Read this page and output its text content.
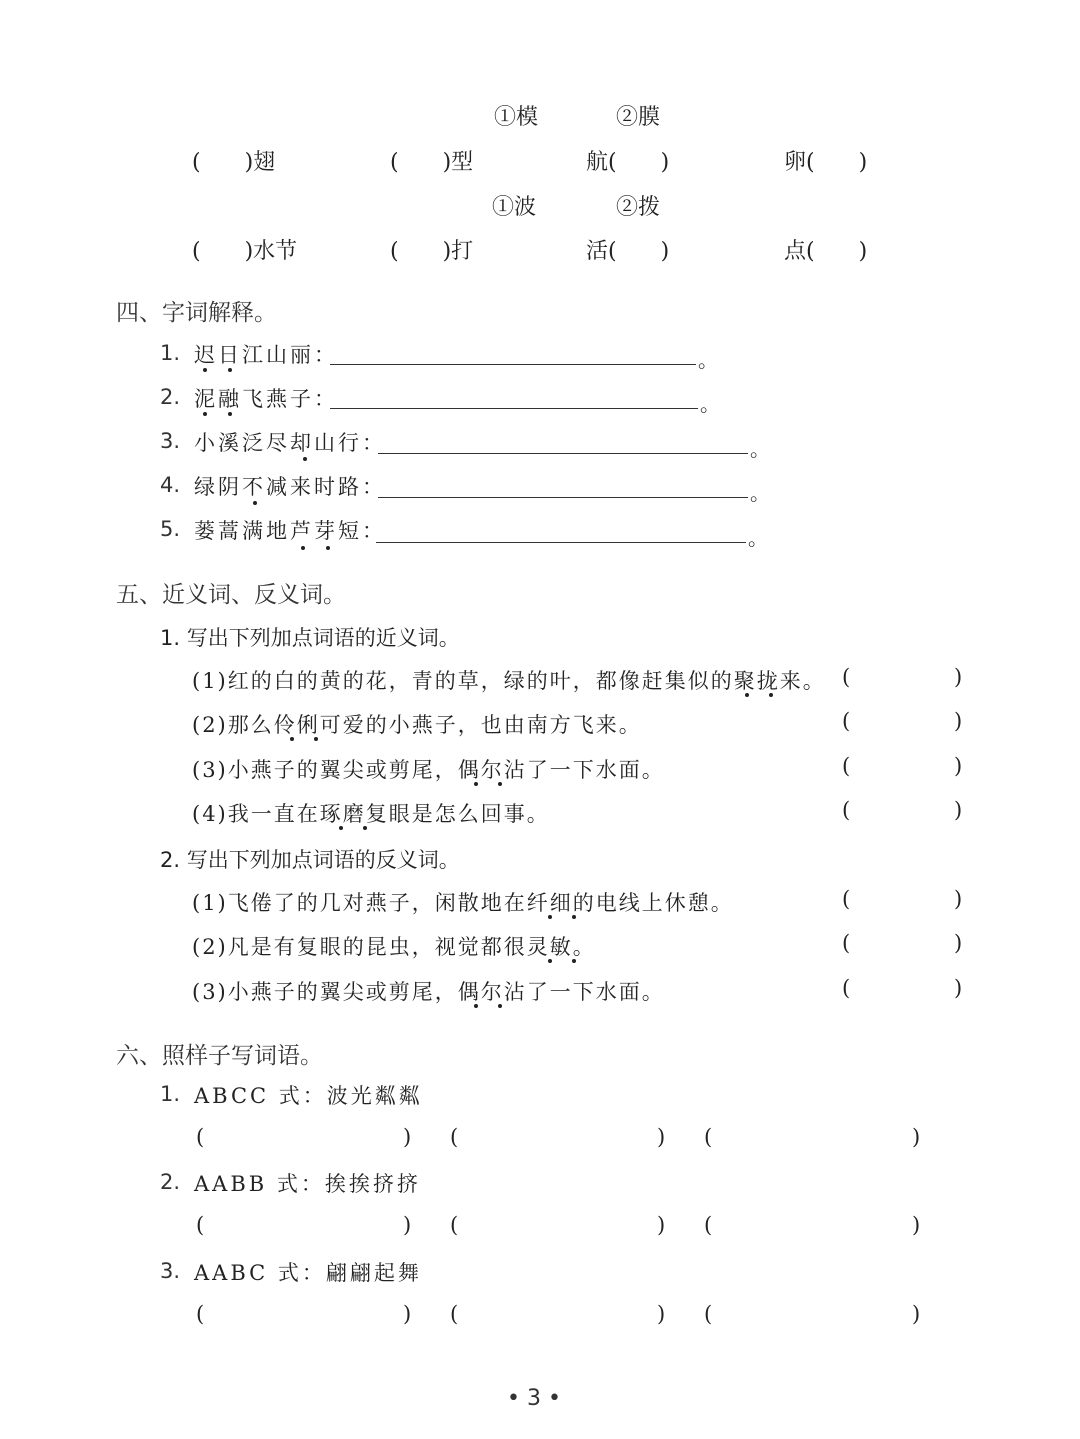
①模	②膜
(　　)翅	(　　)型	航(　　)	卵(　　)
①波	②拨
(　　)水节	(　　)打	活(　　)	点(　　)
四、字词解释。
1. 迟日江山丽：	。
2. 泥融飞燕子：	。
3. 小溪泛尽却山行：	。
4. 绿阴不减来时路：	。
5. 蒌蒿满地芦芽短：	。
五、近义词、反义词。
1. 写出下列加点词语的近义词。
(1)红的白的黄的花，青的草，绿的叶，都像赶集似的聚拢来。 (	)
(2)那么伶俐可爱的小燕子，也由南方飞来。	(	)
(3)小燕子的翼尖或剪尾，偶尔沾了一下水面。	(	)
(4)我一直在琢磨复眼是怎么回事。	(	)
2. 写出下列加点词语的反义词。
(1)飞倦了的几对燕子，闲散地在纤细的电线上休憩。	(	)
(2)凡是有复眼的昆虫，视觉都很灵敏。	(	)
(3)小燕子的翼尖或剪尾，偶尔沾了一下水面。	(	)
六、照样子写词语。
1. ABCC 式：波光粼粼
(	) (	) (	)
2. AABB 式：挨挨挤挤
(	) (	) (	)
3. AABC 式：翩翩起舞
(	) (	) (	)
• 3 •
